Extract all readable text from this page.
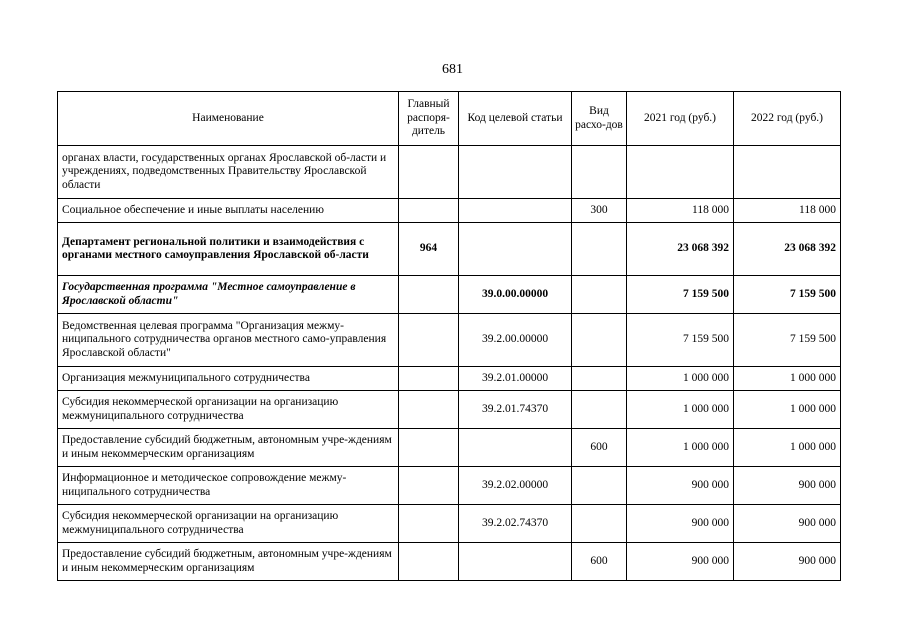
681
Наименование	Главный распоря-дитель	Код целевой статьи	Вид расхо-дов	2021 год (руб.)	2022 год (руб.)
органах власти, государственных органах Ярославской об-ласти и учреждениях, подведомственных Правительству Ярославской области					
Социальное обеспечение и иные выплаты населению			300	118 000	118 000
Департамент региональной политики и взаимодействия с органами местного самоуправления Ярославской об-ласти	964			23 068 392	23 068 392
Государственная программа "Местное самоуправление в Ярославской области"		39.0.00.00000		7 159 500	7 159 500
Ведомственная целевая программа "Организация межму-ниципального сотрудничества органов местного само-управления Ярославской области"		39.2.00.00000		7 159 500	7 159 500
Организация межмуниципального сотрудничества		39.2.01.00000		1 000 000	1 000 000
Субсидия некоммерческой организации на организацию межмуниципального сотрудничества		39.2.01.74370		1 000 000	1 000 000
Предоставление субсидий бюджетным, автономным учре-ждениям и иным некоммерческим организациям			600	1 000 000	1 000 000
Информационное и методическое сопровождение межму-ниципального сотрудничества		39.2.02.00000		900 000	900 000
Субсидия некоммерческой организации на организацию межмуниципального сотрудничества		39.2.02.74370		900 000	900 000
Предоставление субсидий бюджетным, автономным учре-ждениям и иным некоммерческим организациям			600	900 000	900 000
